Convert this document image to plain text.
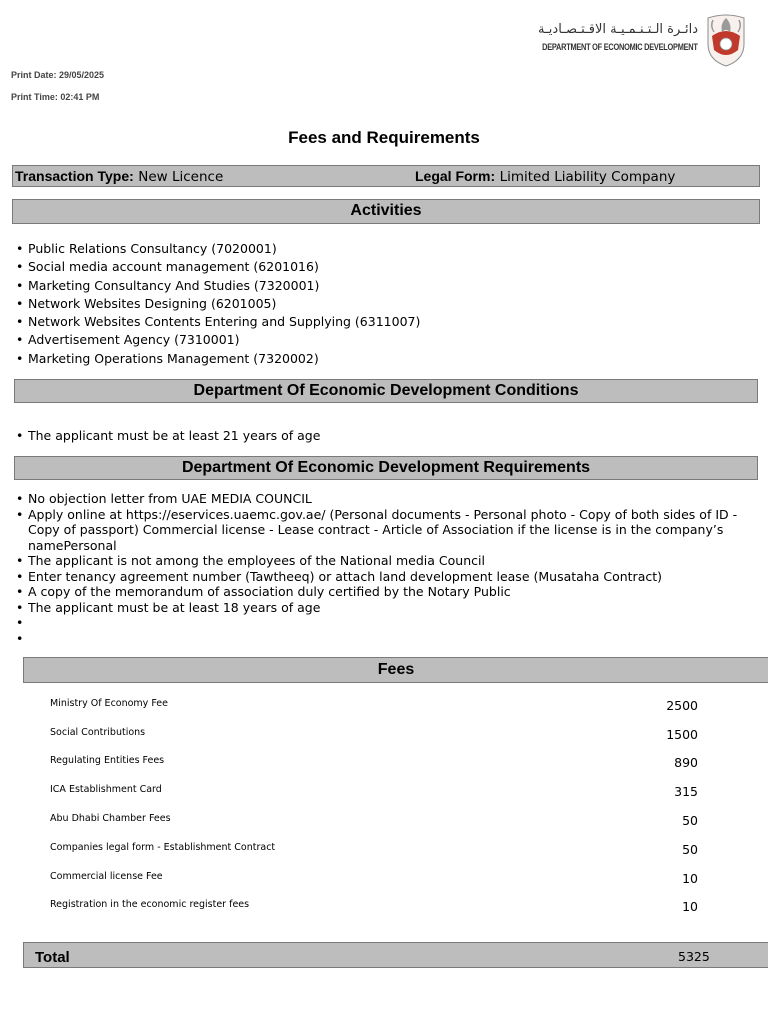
دائـرة الـتـنـمـيـة الاقـتـصـاديـة
DEPARTMENT OF ECONOMIC DEVELOPMENT
Print Date: 29/05/2025
Print Time: 02:41 PM
Fees and Requirements
Transaction Type: New Licence	Legal Form: Limited Liability Company
Activities
• Public Relations Consultancy (7020001)
• Social media account management (6201016)
• Marketing Consultancy And Studies (7320001)
• Network Websites Designing (6201005)
• Network Websites Contents Entering and Supplying (6311007)
• Advertisement Agency (7310001)
• Marketing Operations Management (7320002)
Department Of Economic Development Conditions
• The applicant must be at least 21 years of age
Department Of Economic Development Requirements
• No objection letter from UAE MEDIA COUNCIL
• Apply online at https://eservices.uaemc.gov.ae/ (Personal documents - Personal photo - Copy of both sides of ID - Copy of passport) Commercial license - Lease contract - Article of Association if the license is in the company’s namePersonal
• The applicant is not among the employees of the National media Council
• Enter tenancy agreement number (Tawtheeq) or attach land development lease (Musataha Contract)
• A copy of the memorandum of association duly certified by the Notary Public
• The applicant must be at least 18 years of age
•
•
Fees
Ministry Of Economy Fee	2500
Social Contributions	1500
Regulating Entities Fees	890
ICA Establishment Card	315
Abu Dhabi Chamber Fees	50
Companies legal form - Establishment Contract	50
Commercial license Fee	10
Registration in the economic register fees	10
Total	5325
